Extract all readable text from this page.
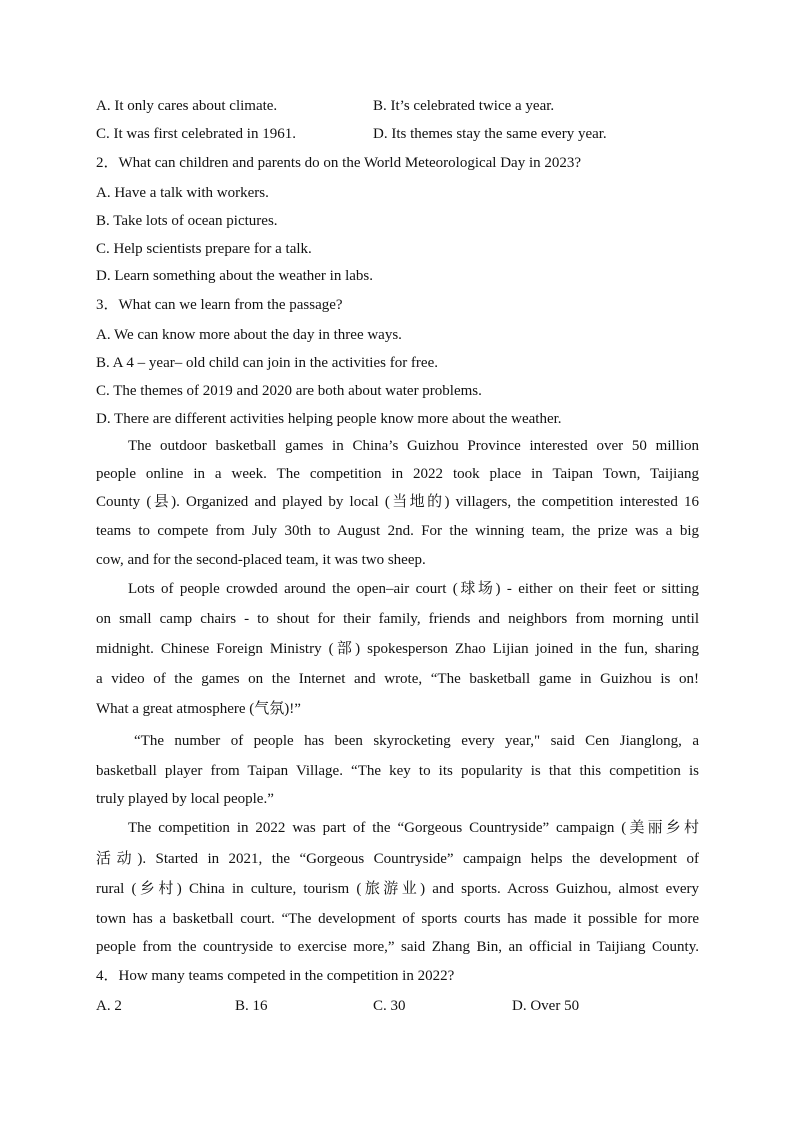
A. It only cares about climate.	B. It’s celebrated twice a year.
C. It was first celebrated in 1961.	D. Its themes stay the same every year.
2．What can children and parents do on the World Meteorological Day in 2023?
A. Have a talk with workers.
B. Take lots of ocean pictures.
C. Help scientists prepare for a talk.
D. Learn something about the weather in labs.
3．What can we learn from the passage?
A. We can know more about the day in three ways.
B. A 4 – year– old child can join in the activities for free.
C. The themes of 2019 and 2020 are both about water problems.
D. There are different activities helping people know more about the weather.
The outdoor basketball games in China’s Guizhou Province interested over 50 million
people online in a week. The competition in 2022 took place in Taipan Town, Taijiang
County (县). Organized and played by local (当地的) villagers, the competition interested 16
teams to compete from July 30th to August 2nd. For the winning team, the prize was a big
cow, and for the second-placed team, it was two sheep.
Lots of people crowded around the open–air court (球场) - either on their feet or sitting
on small camp chairs - to shout for their family, friends and neighbors from morning until
midnight. Chinese Foreign Ministry (部) spokesperson Zhao Lijian joined in the fun, sharing
a video of the games on the Internet and wrote, “The basketball game in Guizhou is on!
What a great atmosphere (气氛)!”
“The number of people has been skyrocketing every year," said Cen Jianglong, a
basketball player from Taipan Village. “The key to its popularity is that this competition is
truly played by local people.”
The competition in 2022 was part of the “Gorgeous Countryside” campaign (美丽乡村
活动). Started in 2021, the “Gorgeous Countryside” campaign helps the development of
rural (乡村) China in culture, tourism (旅游业) and sports. Across Guizhou, almost every
town has a basketball court. “The development of sports courts has made it possible for more
people from the countryside to exercise more,” said Zhang Bin, an official in Taijiang County.
4．How many teams competed in the competition in 2022?
A. 2	B. 16	C. 30	D. Over 50
